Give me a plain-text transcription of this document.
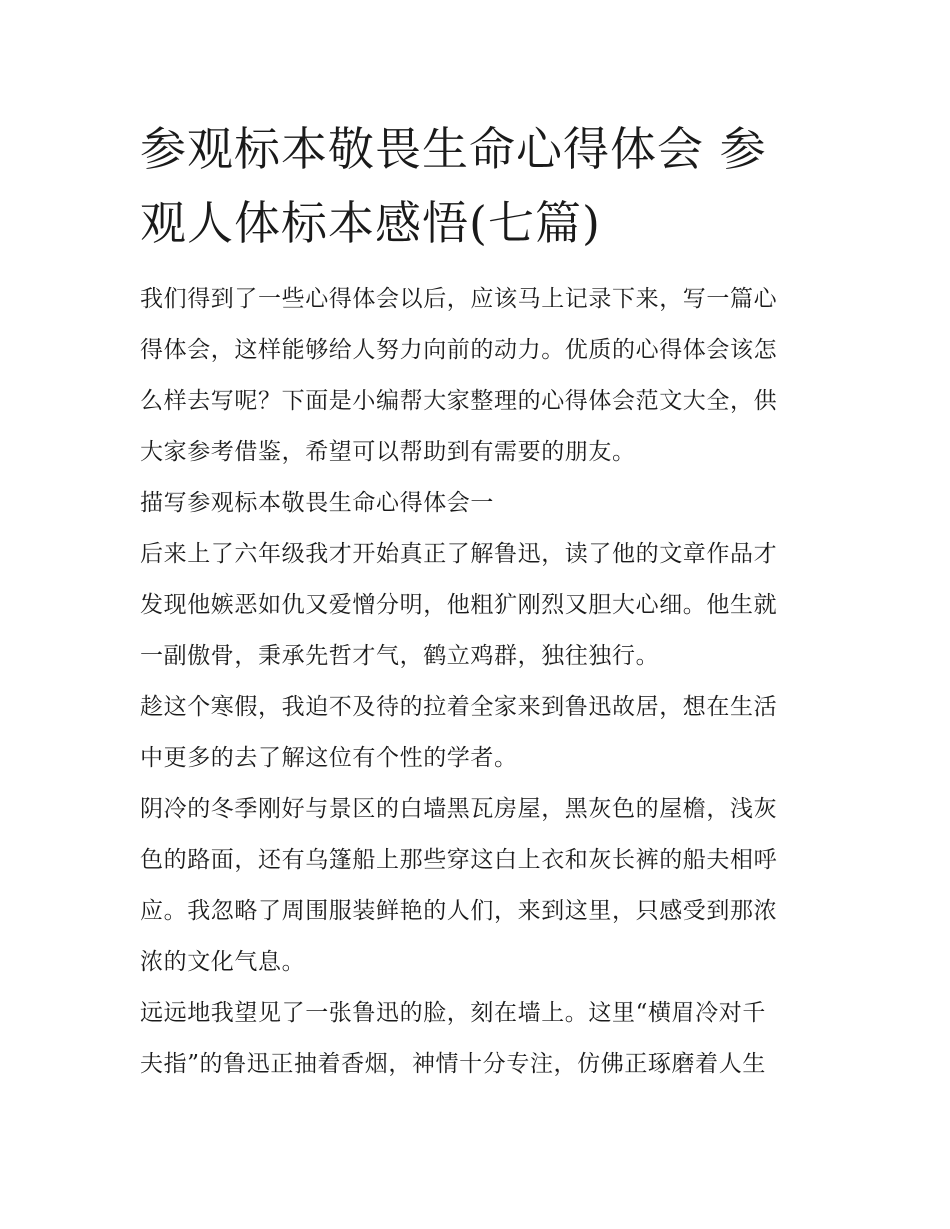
参观标本敬畏生命心得体会 参
观人体标本感悟(七篇)

我们得到了一些心得体会以后，应该马上记录下来，写一篇心
得体会，这样能够给人努力向前的动力。优质的心得体会该怎
么样去写呢？下面是小编帮大家整理的心得体会范文大全，供
大家参考借鉴，希望可以帮助到有需要的朋友。

描写参观标本敬畏生命心得体会一

后来上了六年级我才开始真正了解鲁迅，读了他的文章作品才
发现他嫉恶如仇又爱憎分明，他粗犷刚烈又胆大心细。他生就
一副傲骨，秉承先哲才气，鹤立鸡群，独往独行。

趁这个寒假，我迫不及待的拉着全家来到鲁迅故居，想在生活
中更多的去了解这位有个性的学者。

阴冷的冬季刚好与景区的白墙黑瓦房屋，黑灰色的屋檐，浅灰
色的路面，还有乌篷船上那些穿这白上衣和灰长裤的船夫相呼
应。我忽略了周围服装鲜艳的人们，来到这里，只感受到那浓
浓的文化气息。

远远地我望见了一张鲁迅的脸，刻在墙上。这里“横眉冷对千
夫指”的鲁迅正抽着香烟，神情十分专注，仿佛正琢磨着人生
